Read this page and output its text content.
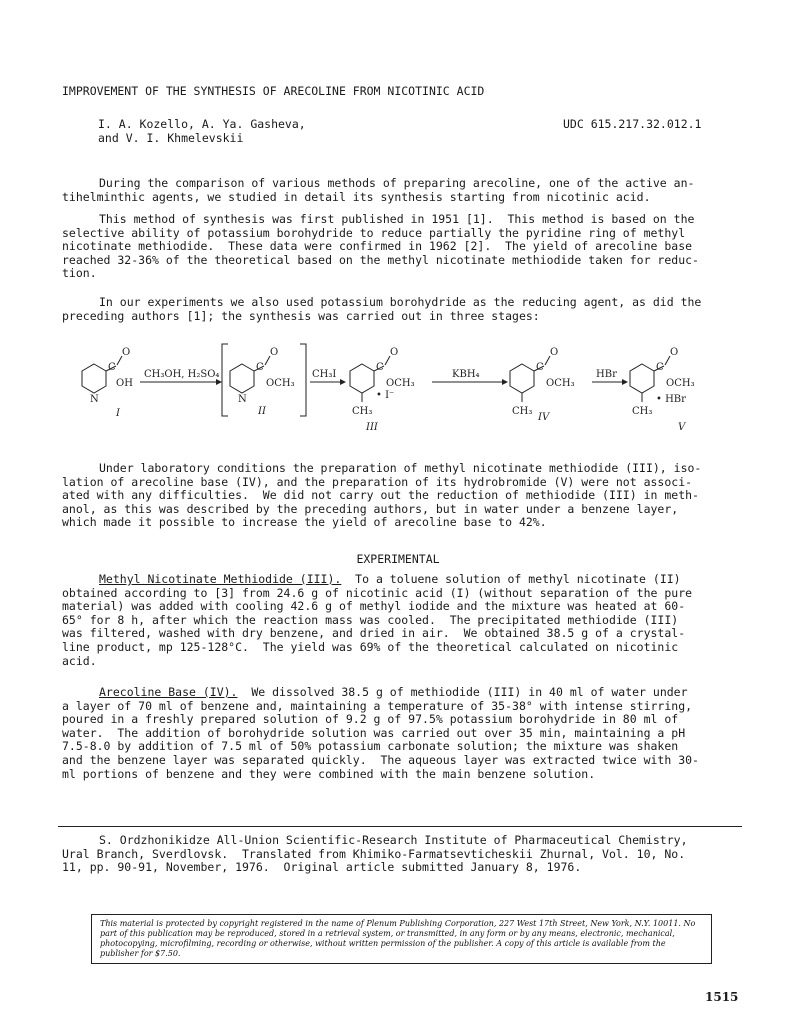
IMPROVEMENT OF THE SYNTHESIS OF ARECOLINE FROM NICOTINIC ACID
I. A. Kozello, A. Ya. Gasheva,
and V. I. Khmelevskii
UDC 615.217.32.012.1
During the comparison of various methods of preparing arecoline, one of the active an-
tihelminthic agents, we studied in detail its synthesis starting from nicotinic acid.
This method of synthesis was first published in 1951 [1].  This method is based on the
selective ability of potassium borohydride to reduce partially the pyridine ring of methyl
nicotinate methiodide.  These data were confirmed in 1962 [2].  The yield of arecoline base
reached 32-36% of the theoretical based on the methyl nicotinate methiodide taken for reduc-
tion.
In our experiments we also used potassium borohydride as the reducing agent, as did the
preceding authors [1]; the synthesis was carried out in three stages:
CH₃OH, H₂SO₄	CH₃I	KBH₄	HBr
C
O
OH
N
I
C
O
OCH₃
N
II
C
O
OCH₃
CH₃
• I⁻
III
C
O
OCH₃
CH₃
IV
C
O
OCH₃
CH₃
• HBr
V
Under laboratory conditions the preparation of methyl nicotinate methiodide (III), iso-
lation of arecoline base (IV), and the preparation of its hydrobromide (V) were not associ-
ated with any difficulties.  We did not carry out the reduction of methiodide (III) in meth-
anol, as this was described by the preceding authors, but in water under a benzene layer,
which made it possible to increase the yield of arecoline base to 42%.
EXPERIMENTAL
Methyl Nicotinate Methiodide (III).  To a toluene solution of methyl nicotinate (II)
obtained according to [3] from 24.6 g of nicotinic acid (I) (without separation of the pure
material) was added with cooling 42.6 g of methyl iodide and the mixture was heated at 60-
65° for 8 h, after which the reaction mass was cooled.  The precipitated methiodide (III)
was filtered, washed with dry benzene, and dried in air.  We obtained 38.5 g of a crystal-
line product, mp 125-128°C.  The yield was 69% of the theoretical calculated on nicotinic
acid.
Arecoline Base (IV).  We dissolved 38.5 g of methiodide (III) in 40 ml of water under
a layer of 70 ml of benzene and, maintaining a temperature of 35-38° with intense stirring,
poured in a freshly prepared solution of 9.2 g of 97.5% potassium borohydride in 80 ml of
water.  The addition of borohydride solution was carried out over 35 min, maintaining a pH
7.5-8.0 by addition of 7.5 ml of 50% potassium carbonate solution; the mixture was shaken
and the benzene layer was separated quickly.  The aqueous layer was extracted twice with 30-
ml portions of benzene and they were combined with the main benzene solution.
S. Ordzhonikidze All-Union Scientific-Research Institute of Pharmaceutical Chemistry,
Ural Branch, Sverdlovsk.  Translated from Khimiko-Farmatsevticheskii Zhurnal, Vol. 10, No.
11, pp. 90-91, November, 1976.  Original article submitted January 8, 1976.
This material is protected by copyright registered in the name of Plenum Publishing Corporation, 227 West 17th Street, New York, N.Y. 10011. No part of this publication may be reproduced, stored in a retrieval system, or transmitted, in any form or by any means, electronic, mechanical, photocopying, microfilming, recording or otherwise, without written permission of the publisher. A copy of this article is available from the publisher for $7.50.
1515
